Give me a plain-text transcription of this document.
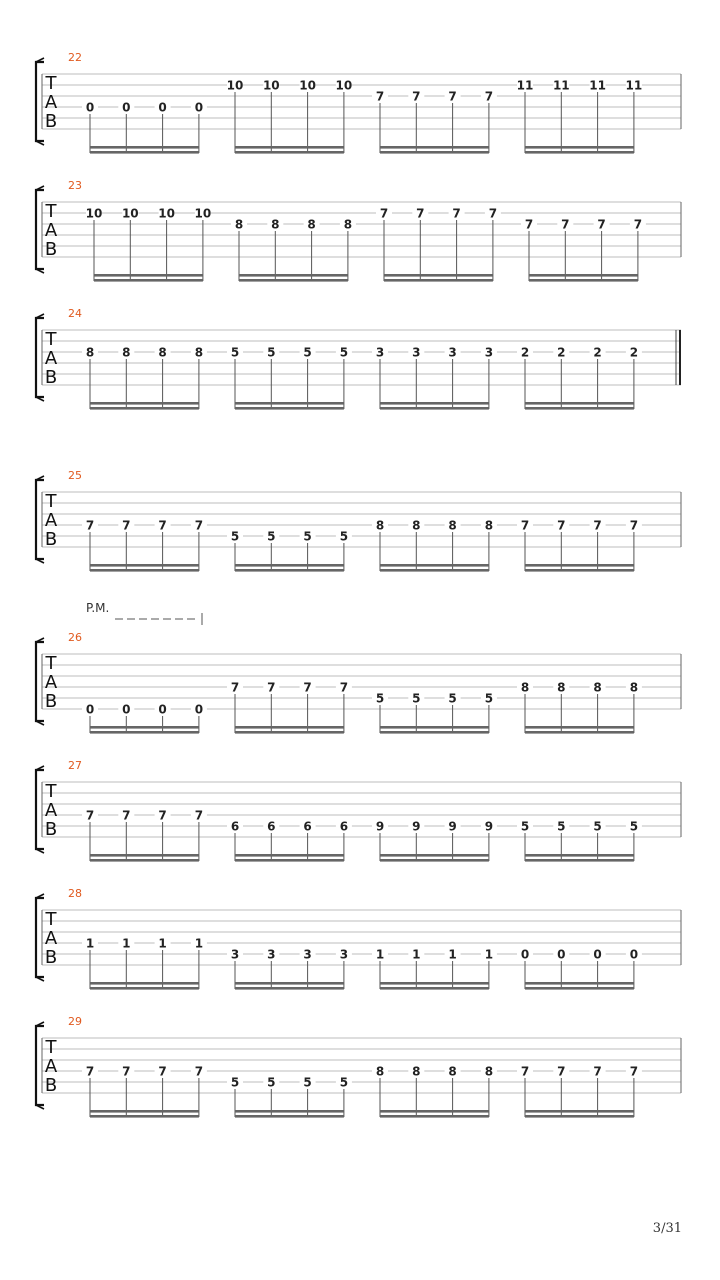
22
T
A
B
0 0 0 0
10 10 10 10
7 7 7 7
11 11 11 11
23
T
A
B
10 10 10 10
8 8 8 8
7 7 7 7
7 7 7 7
24
T
A
B
8 8 8 8 5 5 5 5 3 3 3 3 2 2 2 2
25
T
A
B
7 7 7 7
5 5 5 5
8 8 8 8 7 7 7 7
26
T
A
B 0 0 0 0
7 7 7 7
5 5 5 5
8 8 8 8
27
T
A
B
7 7 7 7
6 6 6 6 9 9 9 9 5 5 5 5
28
T
A
B
1 1 1 1
3 3 3 3 1 1 1 1 0 0 0 0
29
T
A
B
7 7 7 7
5 5 5 5
8 8 8 8 7 7 7 7
P.M.
3/31
